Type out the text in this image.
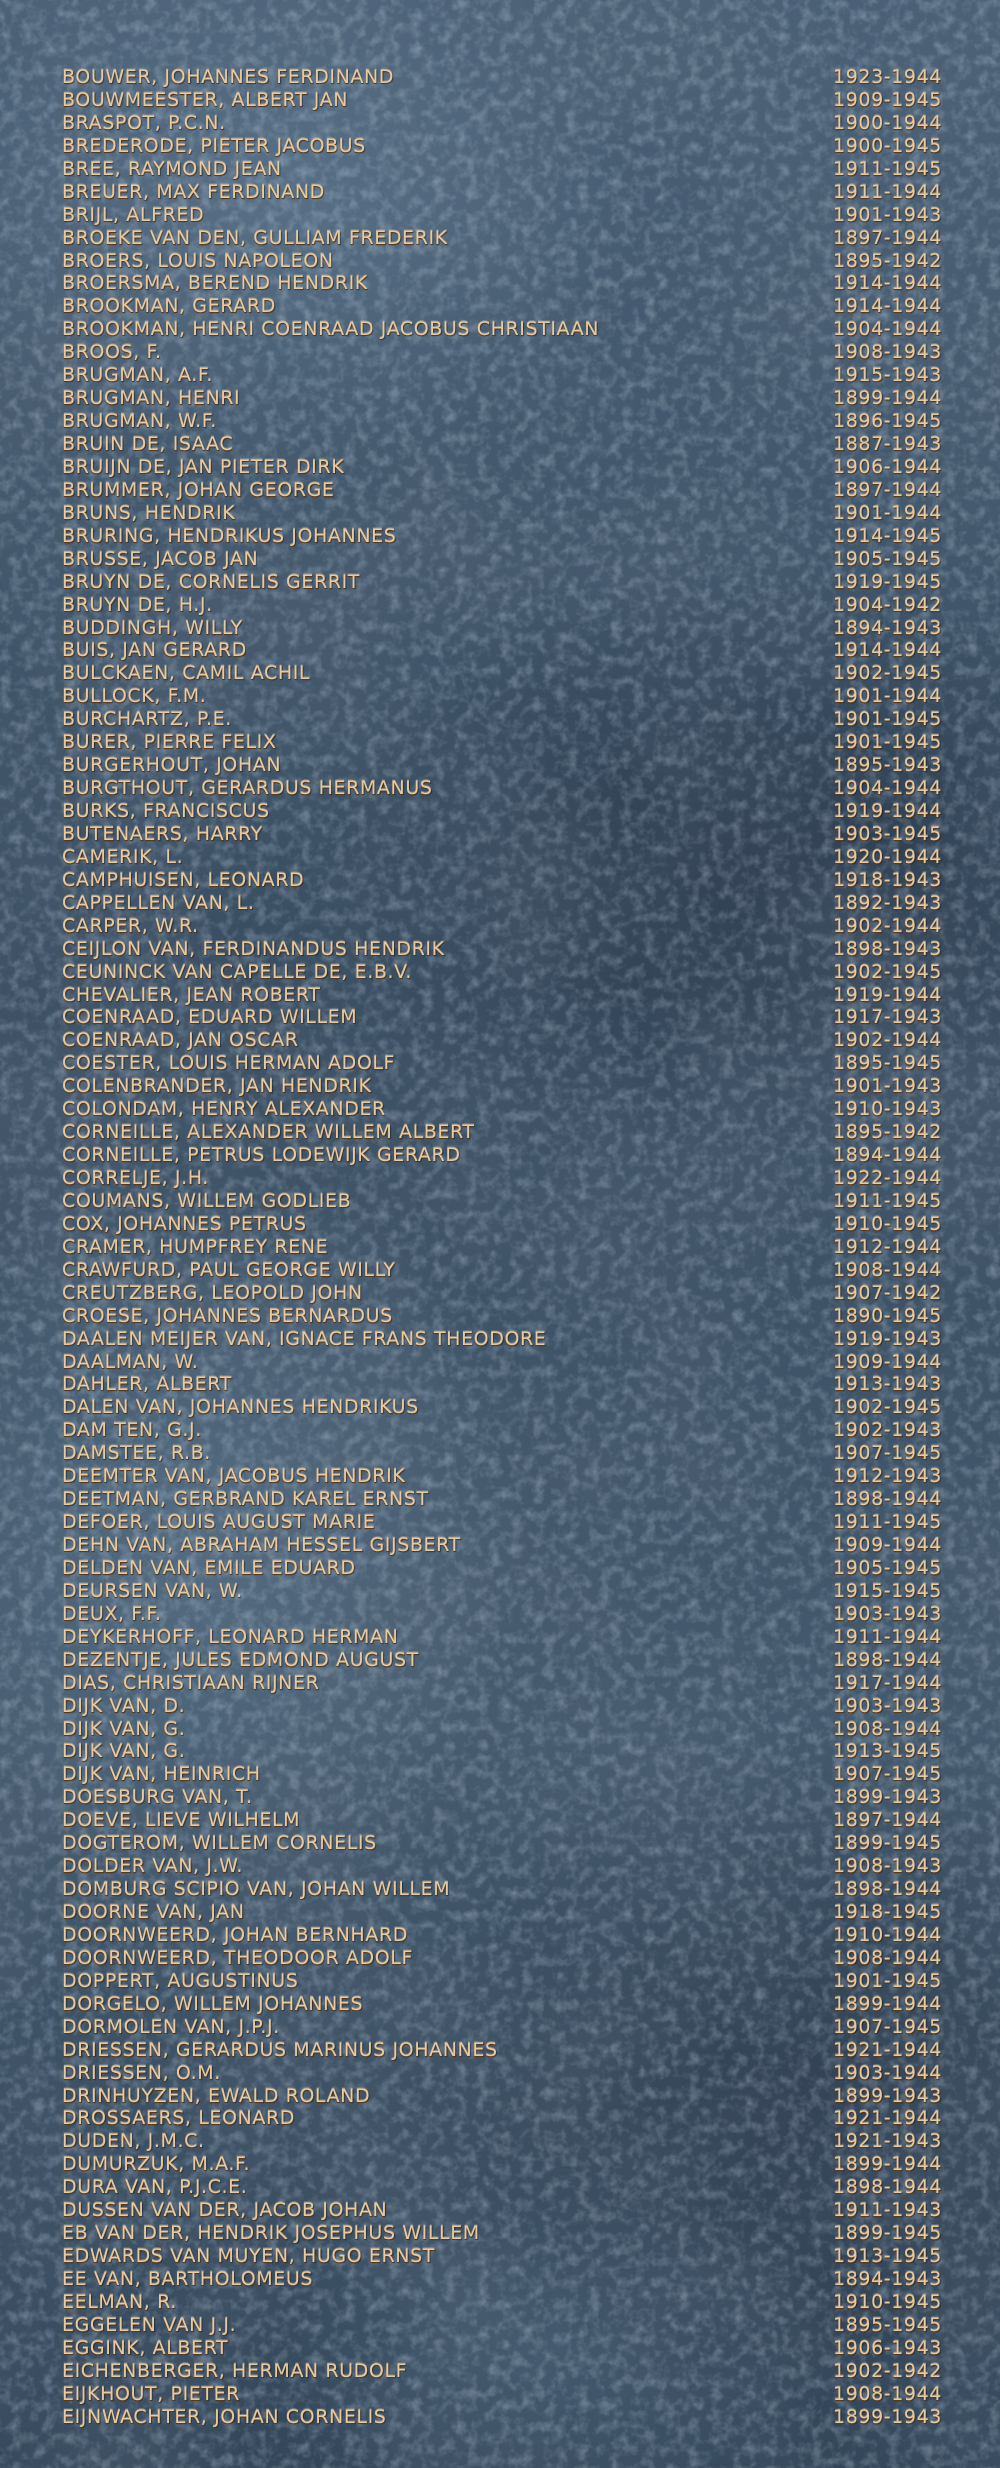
BOUWER, JOHANNES FERDINAND	1923-1944
BOUWMEESTER, ALBERT JAN	1909-1945
BRASPOT, P.C.N.	1900-1944
BREDERODE, PIETER JACOBUS	1900-1945
BREE, RAYMOND JEAN	1911-1945
BREUER, MAX FERDINAND	1911-1944
BRIJL, ALFRED	1901-1943
BROEKE VAN DEN, GULLIAM FREDERIK	1897-1944
BROERS, LOUIS NAPOLEON	1895-1942
BROERSMA, BEREND HENDRIK	1914-1944
BROOKMAN, GERARD	1914-1944
BROOKMAN, HENRI COENRAAD JACOBUS CHRISTIAAN	1904-1944
BROOS, F.	1908-1943
BRUGMAN, A.F.	1915-1943
BRUGMAN, HENRI	1899-1944
BRUGMAN, W.F.	1896-1945
BRUIN DE, ISAAC	1887-1943
BRUIJN DE, JAN PIETER DIRK	1906-1944
BRUMMER, JOHAN GEORGE	1897-1944
BRUNS, HENDRIK	1901-1944
BRURING, HENDRIKUS JOHANNES	1914-1945
BRUSSE, JACOB JAN	1905-1945
BRUYN DE, CORNELIS GERRIT	1919-1945
BRUYN DE, H.J.	1904-1942
BUDDINGH, WILLY	1894-1943
BUIS, JAN GERARD	1914-1944
BULCKAEN, CAMIL ACHIL	1902-1945
BULLOCK, F.M.	1901-1944
BURCHARTZ, P.E.	1901-1945
BURER, PIERRE FELIX	1901-1945
BURGERHOUT, JOHAN	1895-1943
BURGTHOUT, GERARDUS HERMANUS	1904-1944
BURKS, FRANCISCUS	1919-1944
BUTENAERS, HARRY	1903-1945
CAMERIK, L.	1920-1944
CAMPHUISEN, LEONARD	1918-1943
CAPPELLEN VAN, L.	1892-1943
CARPER, W.R.	1902-1944
CEIJLON VAN, FERDINANDUS HENDRIK	1898-1943
CEUNINCK VAN CAPELLE DE, E.B.V.	1902-1945
CHEVALIER, JEAN ROBERT	1919-1944
COENRAAD, EDUARD WILLEM	1917-1943
COENRAAD, JAN OSCAR	1902-1944
COESTER, LOUIS HERMAN ADOLF	1895-1945
COLENBRANDER, JAN HENDRIK	1901-1943
COLONDAM, HENRY ALEXANDER	1910-1943
CORNEILLE, ALEXANDER WILLEM ALBERT	1895-1942
CORNEILLE, PETRUS LODEWIJK GERARD	1894-1944
CORRELJE, J.H.	1922-1944
COUMANS, WILLEM GODLIEB	1911-1945
COX, JOHANNES PETRUS	1910-1945
CRAMER, HUMPFREY RENE	1912-1944
CRAWFURD, PAUL GEORGE WILLY	1908-1944
CREUTZBERG, LEOPOLD JOHN	1907-1942
CROESE, JOHANNES BERNARDUS	1890-1945
DAALEN MEIJER VAN, IGNACE FRANS THEODORE	1919-1943
DAALMAN, W.	1909-1944
DAHLER, ALBERT	1913-1943
DALEN VAN, JOHANNES HENDRIKUS	1902-1945
DAM TEN, G.J.	1902-1943
DAMSTEE, R.B.	1907-1945
DEEMTER VAN, JACOBUS HENDRIK	1912-1943
DEETMAN, GERBRAND KAREL ERNST	1898-1944
DEFOER, LOUIS AUGUST MARIE	1911-1945
DEHN VAN, ABRAHAM HESSEL GIJSBERT	1909-1944
DELDEN VAN, EMILE EDUARD	1905-1945
DEURSEN VAN, W.	1915-1945
DEUX, F.F.	1903-1943
DEYKERHOFF, LEONARD HERMAN	1911-1944
DEZENTJE, JULES EDMOND AUGUST	1898-1944
DIAS, CHRISTIAAN RIJNER	1917-1944
DIJK VAN, D.	1903-1943
DIJK VAN, G.	1908-1944
DIJK VAN, G.	1913-1945
DIJK VAN, HEINRICH	1907-1945
DOESBURG VAN, T.	1899-1943
DOEVE, LIEVE WILHELM	1897-1944
DOGTEROM, WILLEM CORNELIS	1899-1945
DOLDER VAN, J.W.	1908-1943
DOMBURG SCIPIO VAN, JOHAN WILLEM	1898-1944
DOORNE VAN, JAN	1918-1945
DOORNWEERD, JOHAN BERNHARD	1910-1944
DOORNWEERD, THEODOOR ADOLF	1908-1944
DOPPERT, AUGUSTINUS	1901-1945
DORGELO, WILLEM JOHANNES	1899-1944
DORMOLEN VAN, J.P.J.	1907-1945
DRIESSEN, GERARDUS MARINUS JOHANNES	1921-1944
DRIESSEN, O.M.	1903-1944
DRINHUYZEN, EWALD ROLAND	1899-1943
DROSSAERS, LEONARD	1921-1944
DUDEN, J.M.C.	1921-1943
DUMURZUK, M.A.F.	1899-1944
DURA VAN, P.J.C.E.	1898-1944
DUSSEN VAN DER, JACOB JOHAN	1911-1943
EB VAN DER, HENDRIK JOSEPHUS WILLEM	1899-1945
EDWARDS VAN MUYEN, HUGO ERNST	1913-1945
EE VAN, BARTHOLOMEUS	1894-1943
EELMAN, R.	1910-1945
EGGELEN VAN J.J.	1895-1945
EGGINK, ALBERT	1906-1943
EICHENBERGER, HERMAN RUDOLF	1902-1942
EIJKHOUT, PIETER	1908-1944
EIJNWACHTER, JOHAN CORNELIS	1899-1943
